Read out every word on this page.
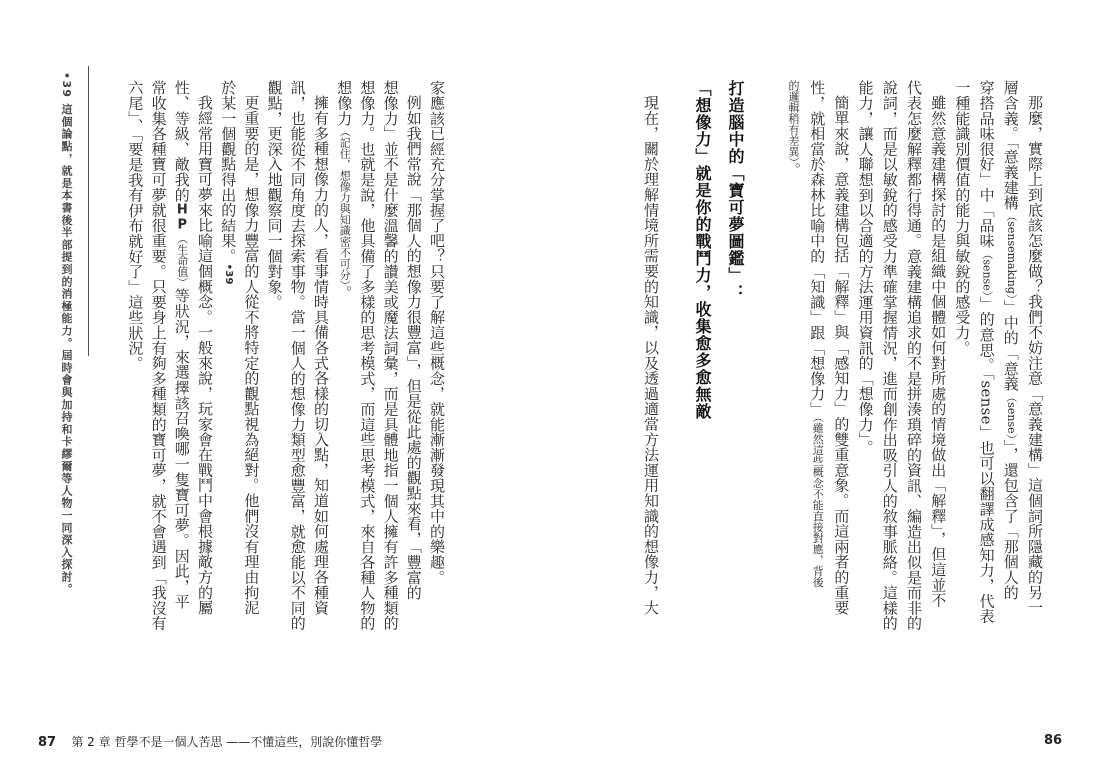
•39 這個論點，就是本書後半部提到的消極能力。屆時會與加持和卡繆爾等人物一同深入探討。
87 第 2 章 哲學不是一個人苦思 ——不懂這些，別說你懂哲學
家應該已經充分掌握了吧？只要了解這些概念，就能漸漸發現其中的樂趣。
例如我們常說「那個人的想像力很豐富」，但是從此處的觀點來看，「豐富的
想像力」並不是什麼溫馨的讚美或魔法詞彙，而是具體地指一個人擁有許多種類的
想像力。也就是說，他具備了多樣的思考模式，而這些思考模式，來自各種人物的
想像力（記住，想像力與知識密不可分）。
擁有多種想像力的人，看事情時具備各式各樣的切入點，知道如何處理各種資
訊，也能從不同角度去探索事物。當一個人的想像力類型愈豐富，就愈能以不同的
觀點，更深入地觀察同一個對象。
更重要的是，想像力豐富的人從不將特定的觀點視為絕對。他們沒有理由拘泥
於某一個觀點得出的結果。•39
我經常用寶可夢來比喻這個概念。一般來說，玩家會在戰鬥中會根據敵方的屬
性、等級、敵我的HP（生命值）等狀況，來選擇該召喚哪一隻寶可夢。因此，平
常收集各種寶可夢就很重要。只要身上有夠多種類的寶可夢，就不會遇到「我沒有
六尾」、「要是我有伊布就好了」這些狀況。	打造腦中的「寶可夢圖鑑」：
「想像力」就是你的戰鬥力，收集愈多愈無敵
86
那麼，實際上到底該怎麼做？我們不妨注意「意義建構」這個詞所隱藏的另一
層含義。「意義建構（sensemaking）」中的「意義（sense）」，還包含了「那個人的
穿搭品味很好」中「品味（sense）」的意思。「sense」也可以翻譯成感知力，代表
一種能識別價值的能力與敏銳的感受力。
雖然意義建構探討的是組織中個體如何對所處的情境做出「解釋」，但這並不
代表怎麼解釋都行得通。意義建構追求的不是拼湊瑣碎的資訊、編造出似是而非的
說詞，而是以敏銳的感受力準確掌握情況，進而創作出吸引人的敘事脈絡。這樣的
能力，讓人聯想到以合適的方法運用資訊的「想像力」。
簡單來說，意義建構包括「解釋」與「感知力」的雙重意象。而這兩者的重要
性，就相當於森林比喻中的「知識」跟「想像力」（雖然這些概念不能直接對應，背後
的邏輯稍有差異）。
現在，關於理解情境所需要的知識，以及透過適當方法運用知識的想像力，大
